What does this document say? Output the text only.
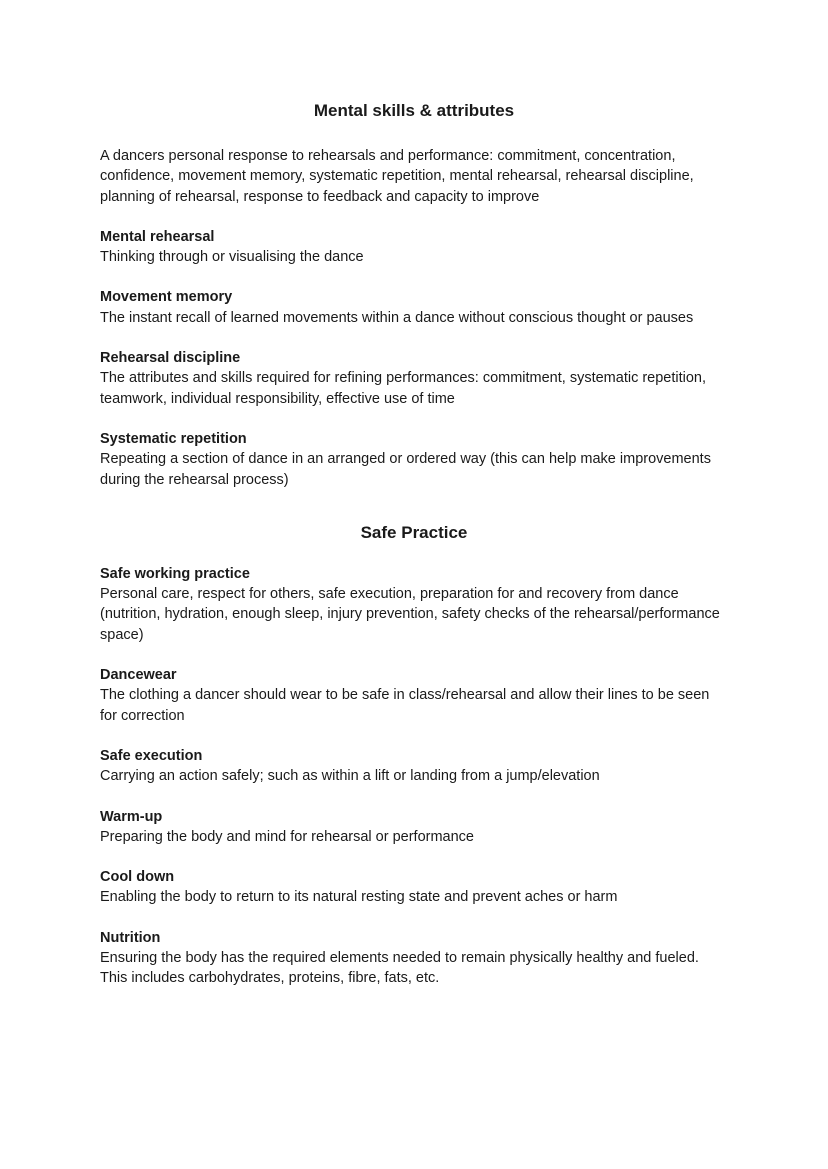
Mental skills & attributes

A dancers personal response to rehearsals and performance: commitment, concentration, confidence, movement memory, systematic repetition, mental rehearsal, rehearsal discipline, planning of rehearsal, response to feedback and capacity to improve

Mental rehearsal

Thinking through or visualising the dance

Movement memory

The instant recall of learned movements within a dance without conscious thought or pauses

Rehearsal discipline

The attributes and skills required for refining performances: commitment, systematic repetition, teamwork, individual responsibility, effective use of time

Systematic repetition

Repeating a section of dance in an arranged or ordered way (this can help make improvements during the rehearsal process)

Safe Practice

Safe working practice

Personal care, respect for others, safe execution, preparation for and recovery from dance (nutrition, hydration, enough sleep, injury prevention, safety checks of the rehearsal/performance space)

Dancewear

The clothing a dancer should wear to be safe in class/rehearsal and allow their lines to be seen for correction

Safe execution

Carrying an action safely; such as within a lift or landing from a jump/elevation

Warm-up

Preparing the body and mind for rehearsal or performance

Cool down

Enabling the body to return to its natural resting state and prevent aches or harm

Nutrition

Ensuring the body has the required elements needed to remain physically healthy and fueled. This includes carbohydrates, proteins, fibre, fats, etc.
